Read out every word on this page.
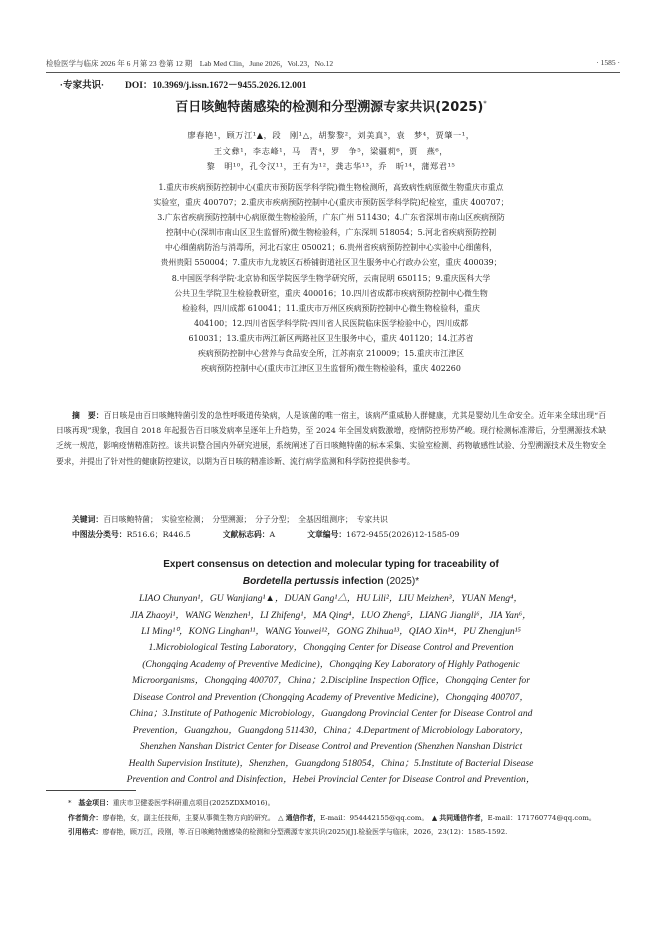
检验医学与临床 2026 年 6 月第 23 卷第 12 期　Lab Med Clin，June 2026，Vol.23，No.12	· 1585 ·
·专家共识· DOI：10.3969/j.issn.1672－9455.2026.12.001
百日咳鲍特菌感染的检测和分型溯源专家共识(2025)*
廖春艳¹，顾万江¹▲，段　刚¹△，胡黎黎²，刘美真³，袁　梦⁴，贾肇一¹，
王文彝¹，李志峰¹，马　青⁴，罗　争⁵，梁疆莉⁶，贾　燕⁶，
黎　明¹⁰，孔令汉¹¹，王有为¹²，龚志华¹³，乔　昕¹⁴，蒲郑君¹⁵
1.重庆市疾病预防控制中心(重庆市预防医学科学院)微生物检测所，高致病性病原微生物重庆市重点
实验室，重庆 400707；2.重庆市疾病预防控制中心(重庆市预防医学科学院)纪检室，重庆 400707；
3.广东省疾病预防控制中心病原微生物检验所，广东广州 511430；4.广东省深圳市南山区疾病预防
控制中心(深圳市南山区卫生监督所)微生物检验科，广东深圳 518054；5.河北省疾病预防控制
中心细菌病防治与消毒所，河北石家庄 050021；6.贵州省疾病预防控制中心实验中心细菌科，
贵州贵阳 550004；7.重庆市九龙坡区石桥铺街道社区卫生服务中心行政办公室，重庆 400039；
8.中国医学科学院·北京协和医学院医学生物学研究所，云南昆明 650115；9.重庆医科大学
公共卫生学院卫生检验教研室，重庆 400016；10.四川省成都市疾病预防控制中心微生物
检验科，四川成都 610041；11.重庆市万州区疾病预防控制中心微生物检验科，重庆
404100；12.四川省医学科学院·四川省人民医院临床医学检验中心，四川成都
610031；13.重庆市两江新区两路社区卫生服务中心，重庆 401120；14.江苏省
疾病预防控制中心营养与食品安全所，江苏南京 210009；15.重庆市江津区
疾病预防控制中心(重庆市江津区卫生监督所)微生物检验科，重庆 402260
摘　要：百日咳是由百日咳鲍特菌引发的急性呼吸道传染病，人是该菌的唯一宿主，该病严重威胁人群健康，尤其是婴幼儿生命安全。近年来全球出现“百日咳再现”现象，我国自 2018 年起报告百日咳发病率呈逐年上升趋势，至 2024 年全国发病数激增，疫情防控形势严峻。现行检测标准滞后，分型溯源技术缺乏统一规范，影响疫情精准防控。该共识整合国内外研究进展，系统阐述了百日咳鲍特菌的标本采集、实验室检测、药物敏感性试验、分型溯源技术及生物安全要求，并提出了针对性的健康防控建议，以期为百日咳的精准诊断、流行病学监测和科学防控提供参考。
关键词：百日咳鲍特菌；　实验室检测；　分型溯源；　分子分型；　全基因组测序；　专家共识
中图法分类号：R516.6；R446.5	文献标志码：A	文章编号：1672-9455(2026)12-1585-09
Expert consensus on detection and molecular typing for traceability of
Bordetella pertussis infection (2025)*
LIAO Chunyan¹，GU Wanjiang¹▲，DUAN Gang¹△，HU Lili²，LIU Meizhen³，YUAN Meng⁴，
JIA Zhaoyi¹，WANG Wenzhen¹，LI Zhifeng¹，MA Qing⁴，LUO Zheng⁵，LIANG Jiangli⁶，JIA Yan⁶，
LI Ming¹⁰，KONG Linghan¹¹，WANG Youwei¹²，GONG Zhihua¹³，QIAO Xin¹⁴，PU Zhengjun¹⁵
1.Microbiological Testing Laboratory，Chongqing Center for Disease Control and Prevention
(Chongqing Academy of Preventive Medicine)，Chongqing Key Laboratory of Highly Pathogenic
Microorganisms，Chongqing 400707，China；2.Discipline Inspection Office，Chongqing Center for
Disease Control and Prevention (Chongqing Academy of Preventive Medicine)，Chongqing 400707，
China；3.Institute of Pathogenic Microbiology，Guangdong Provincial Center for Disease Control and
Prevention，Guangzhou，Guangdong 511430，China；4.Department of Microbiology Laboratory，
Shenzhen Nanshan District Center for Disease Control and Prevention (Shenzhen Nanshan District
Health Supervision Institute)，Shenzhen，Guangdong 518054，China；5.Institute of Bacterial Disease
Prevention and Control and Disinfection，Hebei Provincial Center for Disease Control and Prevention，

*　 基金项目：重庆市卫健委医学科研重点项目(2025ZDXM016)。

作者简介：廖春艳，女，副主任技师，主要从事微生物方向的研究。　 △ 通信作者，E-mail：954442155@qq.com。　 ▲ 共同通信作者，E-mail：171760774@qq.com。

引用格式：廖春艳，顾万江，段刚，等.百日咳鲍特菌感染的检测和分型溯源专家共识(2025)[J].检验医学与临床，2026，23(12)：1585-1592.
